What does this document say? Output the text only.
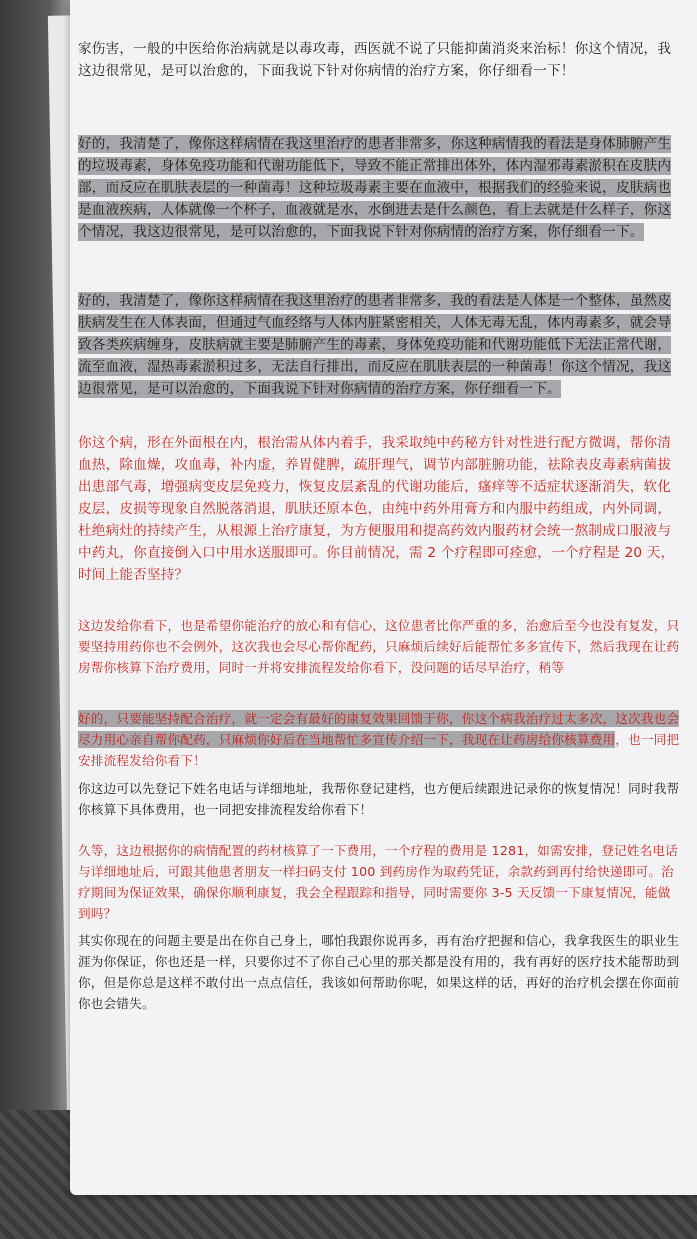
家伤害，一般的中医给你治病就是以毒攻毒，西医就不说了只能抑菌消炎来治标！你这个情况，我这边很常见，是可以治愈的，下面我说下针对你病情的治疗方案，你仔细看一下！
好的，我清楚了，像你这样病情在我这里治疗的患者非常多，你这种病情我的看法是身体肺腑产生的垃圾毒素，身体免疫功能和代谢功能低下，导致不能正常排出体外，体内湿邪毒素淤积在皮肤内部，而反应在肌肤表层的一种菌毒！这种垃圾毒素主要在血液中，根据我们的经验来说，皮肤病也是血液疾病，人体就像一个杯子，血液就是水，水倒进去是什么颜色，看上去就是什么样子，你这个情况，我这边很常见，是可以治愈的，下面我说下针对你病情的治疗方案，你仔细看一下。
好的，我清楚了，像你这样病情在我这里治疗的患者非常多，我的看法是人体是一个整体，虽然皮肤病发生在人体表面，但通过气血经络与人体内脏紧密相关，人体无毒无乱，体内毒素多，就会导致各类疾病缠身，皮肤病就主要是肺腑产生的毒素，身体免疫功能和代谢功能低下无法正常代谢，流至血液，湿热毒素淤积过多，无法自行排出，而反应在肌肤表层的一种菌毒！你这个情况，我这边很常见，是可以治愈的，下面我说下针对你病情的治疗方案，你仔细看一下。
你这个病，形在外面根在内，根治需从体内着手，我采取纯中药秘方针对性进行配方微调，帮你清血热，除血燥，攻血毒，补内虚，养胃健脾，疏肝理气，调节内部脏腑功能，祛除表皮毒素病菌拔出患部气毒，增强病变皮层免疫力，恢复皮层紊乱的代谢功能后，瘙痒等不适症状逐渐消失，软化皮层，皮损等现象自然脱落消退，肌肤还原本色，由纯中药外用膏方和内服中药组成，内外同调，杜绝病灶的持续产生，从根源上治疗康复，为方便服用和提高药效内服药材会统一熬制成口服液与中药丸，你直接倒入口中用水送服即可。你目前情况，需 2 个疗程即可痊愈，一个疗程是 20 天，时间上能否坚持？
这边发给你看下，也是希望你能治疗的放心和有信心，这位患者比你严重的多，治愈后至今也没有复发，只要坚持用药你也不会例外，这次我也会尽心帮你配药，只麻烦后续好后能帮忙多多宣传下，然后我现在让药房帮你核算下治疗费用，同时一并将安排流程发给你看下，没问题的话尽早治疗，稍等
好的，只要能坚持配合治疗，就一定会有最好的康复效果回馈于你，你这个病我治疗过太多次，这次我也会尽力用心亲自帮你配药，只麻烦你好后在当地帮忙多宣传介绍一下，我现在让药房给你核算费用，也一同把安排流程发给你看下！
你这边可以先登记下姓名电话与详细地址，我帮你登记建档，也方便后续跟进记录你的恢复情况！同时我帮你核算下具体费用，也一同把安排流程发给你看下！
久等，这边根据你的病情配置的药材核算了一下费用，一个疗程的费用是 1281，如需安排，登记姓名电话与详细地址后，可跟其他患者朋友一样扫码支付 100 到药房作为取药凭证，余款药到再付给快递即可。治疗期间为保证效果，确保你顺利康复，我会全程跟踪和指导，同时需要你 3-5 天反馈一下康复情况，能做到吗？
其实你现在的问题主要是出在你自己身上，哪怕我跟你说再多，再有治疗把握和信心，我拿我医生的职业生涯为你保证，你也还是一样，只要你过不了你自己心里的那关都是没有用的，我有再好的医疗技术能帮助到你，但是你总是这样不敢付出一点点信任，我该如何帮助你呢，如果这样的话，再好的治疗机会摆在你面前你也会错失。
